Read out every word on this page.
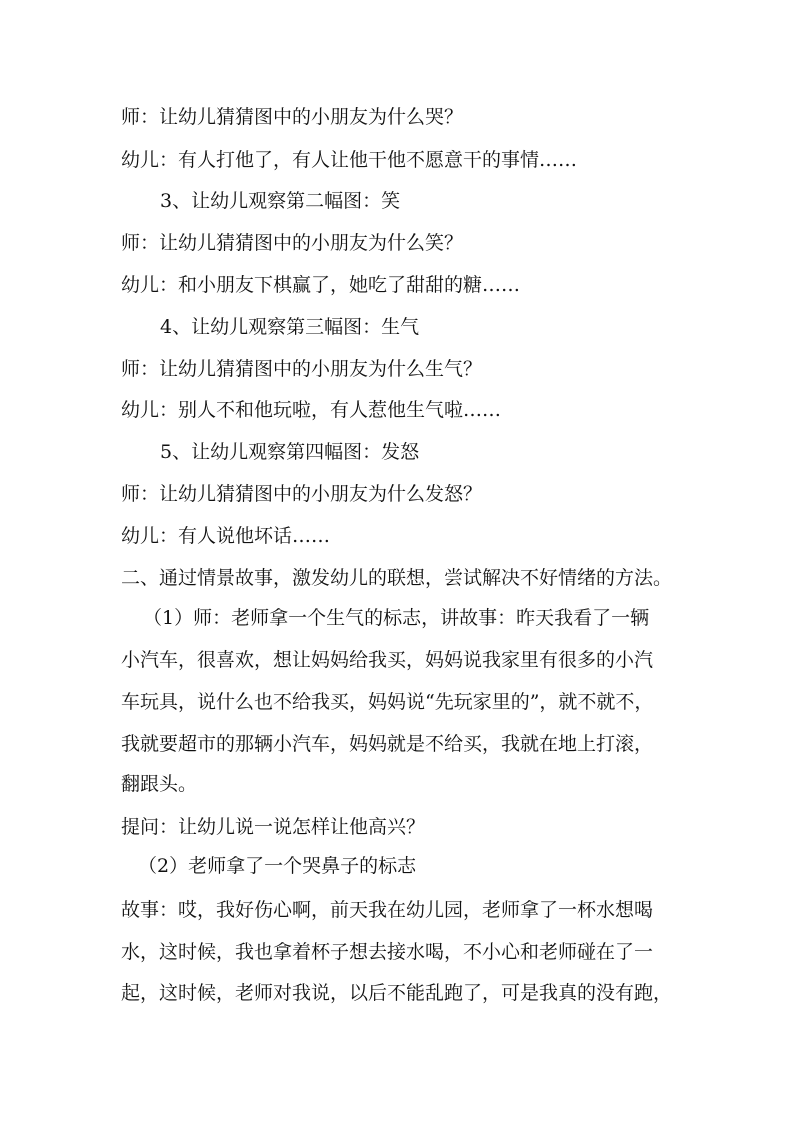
师：让幼儿猜猜图中的小朋友为什么哭？
幼儿：有人打他了，有人让他干他不愿意干的事情……
3、让幼儿观察第二幅图：笑
师：让幼儿猜猜图中的小朋友为什么笑？
幼儿：和小朋友下棋赢了，她吃了甜甜的糖……
4、让幼儿观察第三幅图：生气
师：让幼儿猜猜图中的小朋友为什么生气？
幼儿：别人不和他玩啦，有人惹他生气啦……
5、让幼儿观察第四幅图：发怒
师：让幼儿猜猜图中的小朋友为什么发怒？
幼儿：有人说他坏话……
二、通过情景故事，激发幼儿的联想，尝试解决不好情绪的方法。
（1）师：老师拿一个生气的标志，讲故事：昨天我看了一辆
小汽车，很喜欢，想让妈妈给我买，妈妈说我家里有很多的小汽
车玩具，说什么也不给我买，妈妈说“先玩家里的”，就不就不，
我就要超市的那辆小汽车，妈妈就是不给买，我就在地上打滚，
翻跟头。
提问：让幼儿说一说怎样让他高兴？
（2）老师拿了一个哭鼻子的标志
故事：哎，我好伤心啊，前天我在幼儿园，老师拿了一杯水想喝
水，这时候，我也拿着杯子想去接水喝，不小心和老师碰在了一
起，这时候，老师对我说，以后不能乱跑了，可是我真的没有跑，
